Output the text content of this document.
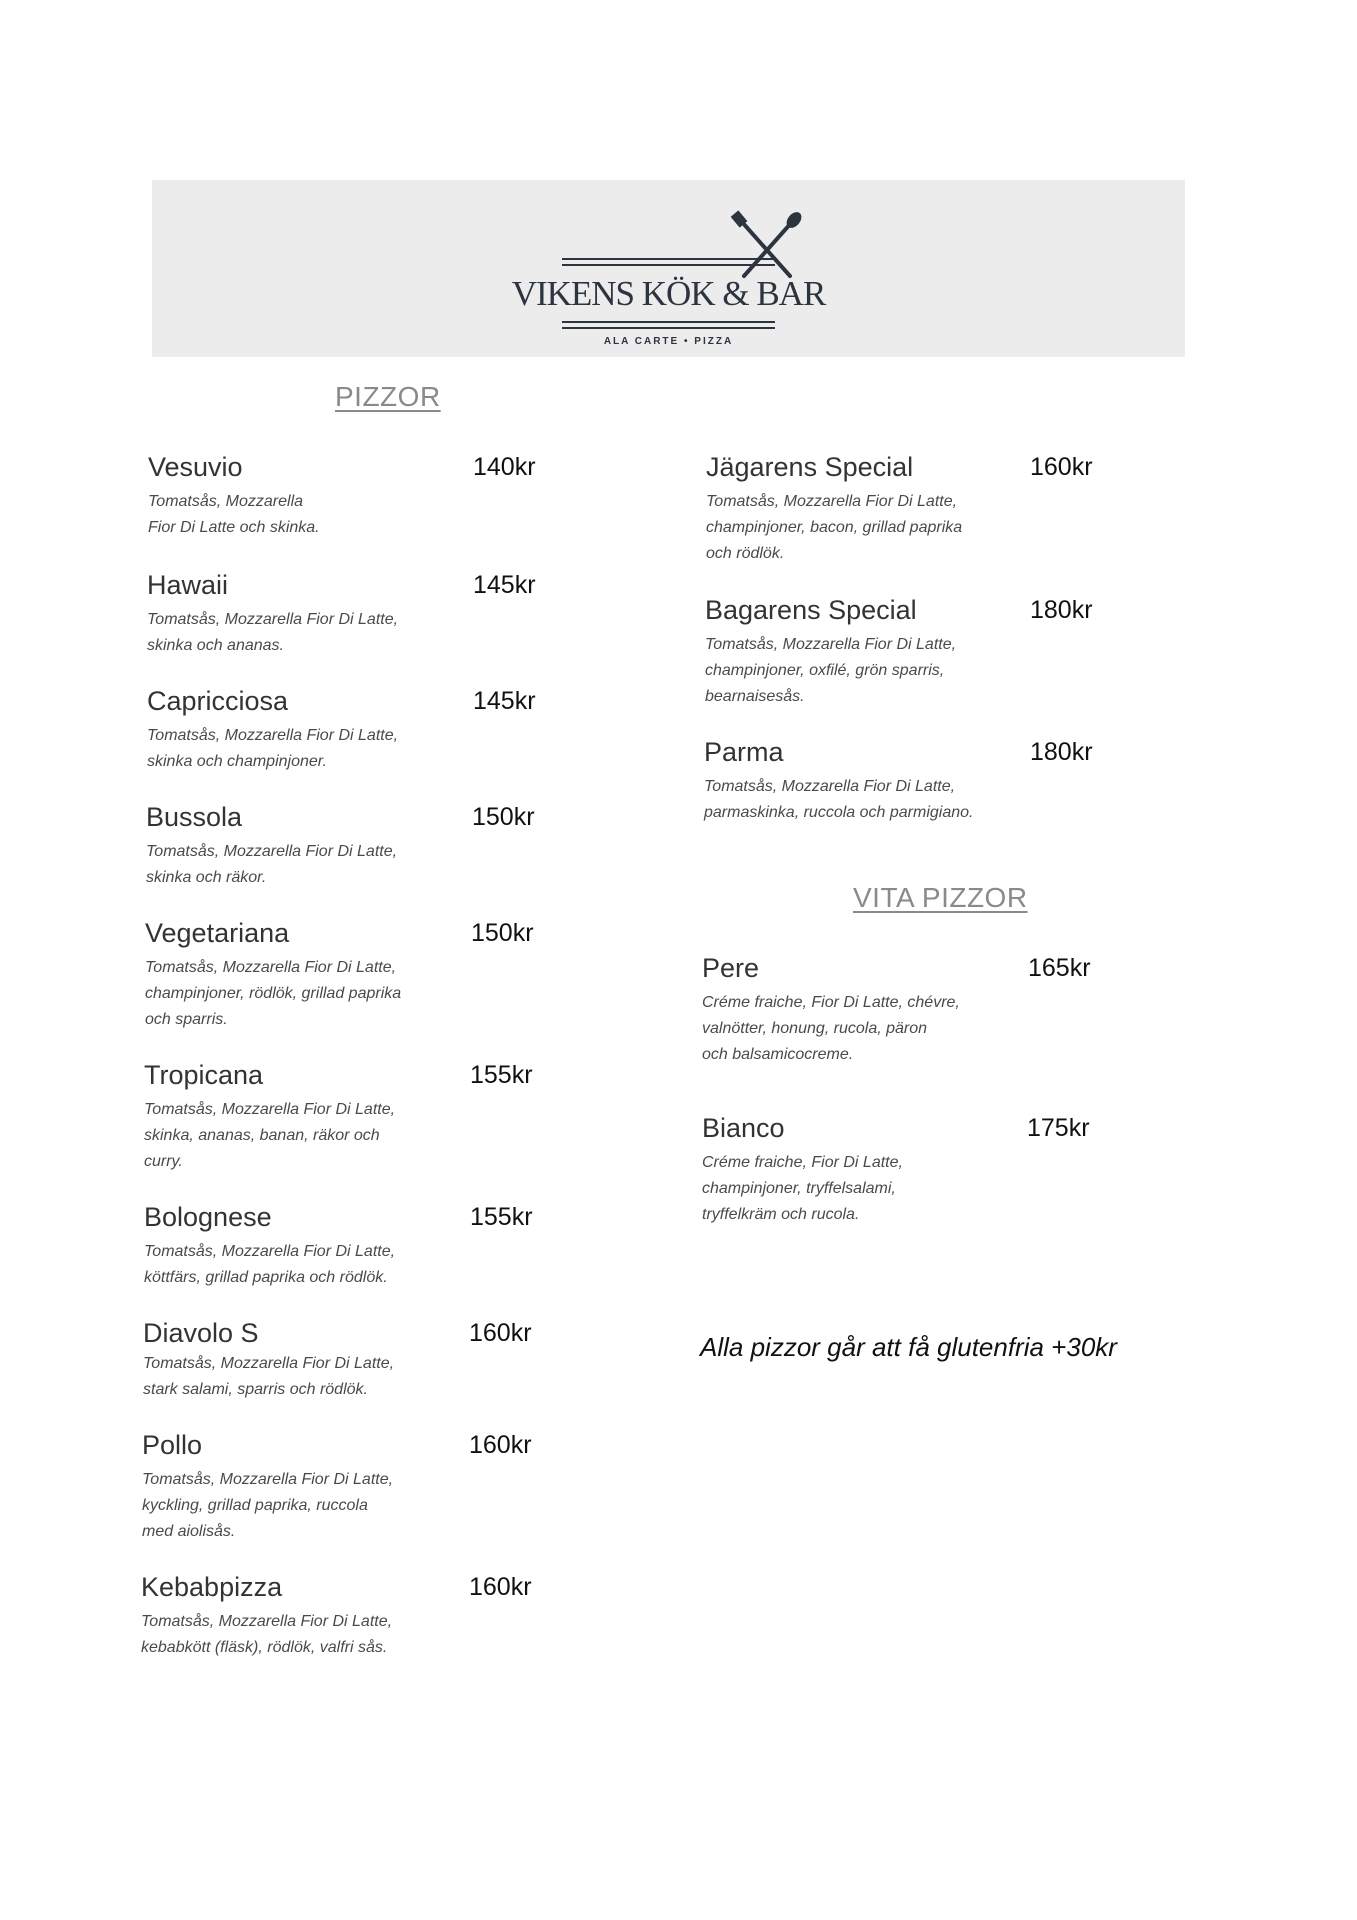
VIKENS KÖK & BAR
ALA CARTE • PIZZA
PIZZOR
VITA PIZZOR
Vesuvio	140kr
Tomatsås, Mozzarella
Fior Di Latte och skinka.
Hawaii	145kr
Tomatsås, Mozzarella Fior Di Latte,
skinka och ananas.
Capricciosa	145kr
Tomatsås, Mozzarella Fior Di Latte,
skinka och champinjoner.
Bussola	150kr
Tomatsås, Mozzarella Fior Di Latte,
skinka och räkor.
Vegetariana	150kr
Tomatsås, Mozzarella Fior Di Latte,
champinjoner, rödlök, grillad paprika
och sparris.
Tropicana	155kr
Tomatsås, Mozzarella Fior Di Latte,
skinka, ananas, banan, räkor och
curry.
Bolognese	155kr
Tomatsås, Mozzarella Fior Di Latte,
köttfärs, grillad paprika och rödlök.
Diavolo S	160kr
Tomatsås, Mozzarella Fior Di Latte,
stark salami, sparris och rödlök.
Pollo	160kr
Tomatsås, Mozzarella Fior Di Latte,
kyckling, grillad paprika, ruccola
med aiolisås.
Kebabpizza	160kr
Tomatsås, Mozzarella Fior Di Latte,
kebabkött (fläsk), rödlök, valfri sås.
Jägarens Special	160kr
Tomatsås, Mozzarella Fior Di Latte,
champinjoner, bacon, grillad paprika
och rödlök.
Bagarens Special	180kr
Tomatsås, Mozzarella Fior Di Latte,
champinjoner, oxfilé, grön sparris,
bearnaisesås.
Parma	180kr
Tomatsås, Mozzarella Fior Di Latte,
parmaskinka, ruccola och parmigiano.
Pere	165kr
Créme fraiche, Fior Di Latte, chévre,
valnötter, honung, rucola, päron
och balsamicocreme.
Bianco	175kr
Créme fraiche, Fior Di Latte,
champinjoner, tryffelsalami,
tryffelkräm och rucola.
Alla pizzor går att få glutenfria +30kr
